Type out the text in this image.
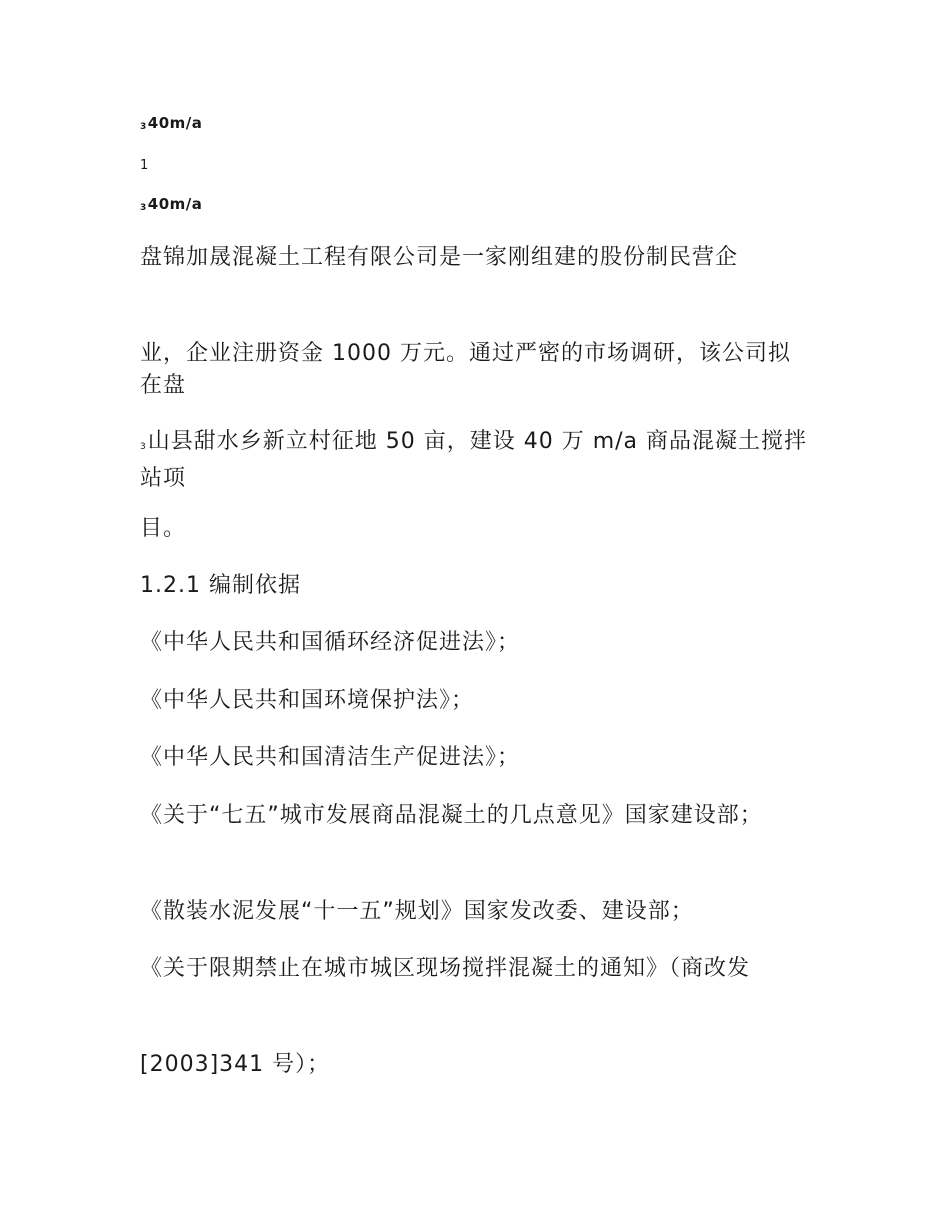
340m/a
1
340m/a
盘锦加晟混凝土工程有限公司是一家刚组建的股份制民营企
业，企业注册资金 1000 万元。通过严密的市场调研，该公司拟在盘
3山县甜水乡新立村征地 50 亩，建设 40 万 m/a 商品混凝土搅拌站项
目。
1.2.1 编制依据
《中华人民共和国循环经济促进法》；
《中华人民共和国环境保护法》；
《中华人民共和国清洁生产促进法》；
《关于“七五”城市发展商品混凝土的几点意见》国家建设部；
《散装水泥发展“十一五”规划》国家发改委、建设部；
《关于限期禁止在城市城区现场搅拌混凝土的通知》（商改发
[2003]341 号）；
